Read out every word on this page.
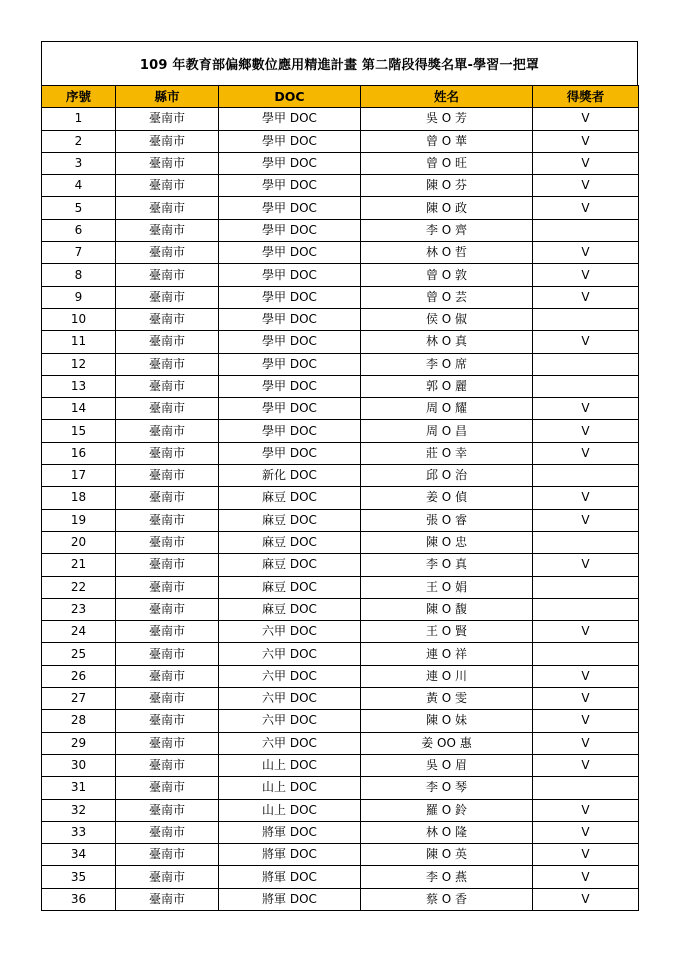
109 年教育部偏鄉數位應用精進計畫 第二階段得獎名單-學習一把罩
序號	縣市	DOC	姓名	得獎者
1	臺南市	學甲 DOC	吳 O 芳	V
2	臺南市	學甲 DOC	曾 O 華	V
3	臺南市	學甲 DOC	曾 O 旺	V
4	臺南市	學甲 DOC	陳 O 芬	V
5	臺南市	學甲 DOC	陳 O 政	V
6	臺南市	學甲 DOC	李 O 齊	
7	臺南市	學甲 DOC	林 O 哲	V
8	臺南市	學甲 DOC	曾 O 敦	V
9	臺南市	學甲 DOC	曾 O 芸	V
10	臺南市	學甲 DOC	侯 O 俶	
11	臺南市	學甲 DOC	林 O 真	V
12	臺南市	學甲 DOC	李 O 席	
13	臺南市	學甲 DOC	郭 O 麗	
14	臺南市	學甲 DOC	周 O 耀	V
15	臺南市	學甲 DOC	周 O 昌	V
16	臺南市	學甲 DOC	莊 O 幸	V
17	臺南市	新化 DOC	邱 O 治	
18	臺南市	麻豆 DOC	姜 O 偵	V
19	臺南市	麻豆 DOC	張 O 睿	V
20	臺南市	麻豆 DOC	陳 O 忠	
21	臺南市	麻豆 DOC	李 O 真	V
22	臺南市	麻豆 DOC	王 O 娟	
23	臺南市	麻豆 DOC	陳 O 馥	
24	臺南市	六甲 DOC	王 O 賢	V
25	臺南市	六甲 DOC	連 O 祥	
26	臺南市	六甲 DOC	連 O 川	V
27	臺南市	六甲 DOC	黃 O 雯	V
28	臺南市	六甲 DOC	陳 O 妹	V
29	臺南市	六甲 DOC	姜 OO 惠	V
30	臺南市	山上 DOC	吳 O 眉	V
31	臺南市	山上 DOC	李 O 琴	
32	臺南市	山上 DOC	羅 O 鈴	V
33	臺南市	將軍 DOC	林 O 隆	V
34	臺南市	將軍 DOC	陳 O 英	V
35	臺南市	將軍 DOC	李 O 燕	V
36	臺南市	將軍 DOC	蔡 O 香	V
